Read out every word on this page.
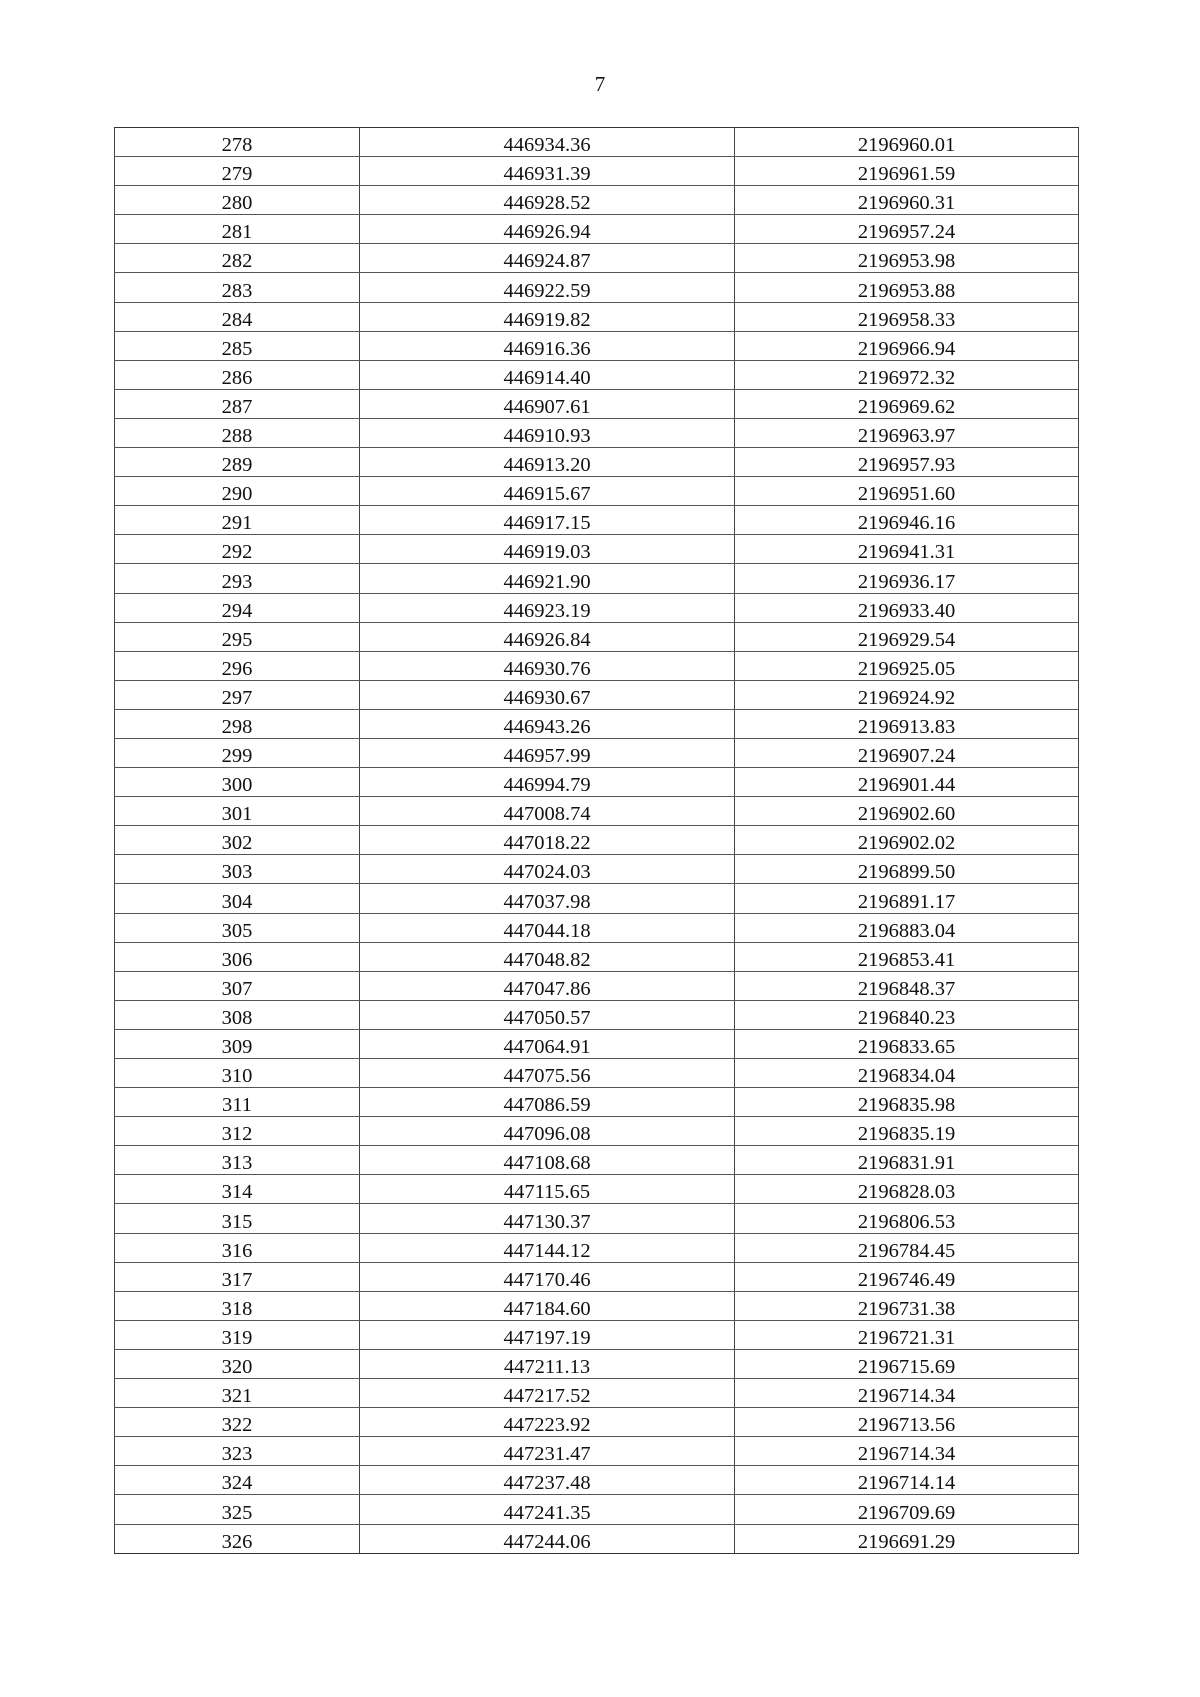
7
278	446934.36	2196960.01
279	446931.39	2196961.59
280	446928.52	2196960.31
281	446926.94	2196957.24
282	446924.87	2196953.98
283	446922.59	2196953.88
284	446919.82	2196958.33
285	446916.36	2196966.94
286	446914.40	2196972.32
287	446907.61	2196969.62
288	446910.93	2196963.97
289	446913.20	2196957.93
290	446915.67	2196951.60
291	446917.15	2196946.16
292	446919.03	2196941.31
293	446921.90	2196936.17
294	446923.19	2196933.40
295	446926.84	2196929.54
296	446930.76	2196925.05
297	446930.67	2196924.92
298	446943.26	2196913.83
299	446957.99	2196907.24
300	446994.79	2196901.44
301	447008.74	2196902.60
302	447018.22	2196902.02
303	447024.03	2196899.50
304	447037.98	2196891.17
305	447044.18	2196883.04
306	447048.82	2196853.41
307	447047.86	2196848.37
308	447050.57	2196840.23
309	447064.91	2196833.65
310	447075.56	2196834.04
311	447086.59	2196835.98
312	447096.08	2196835.19
313	447108.68	2196831.91
314	447115.65	2196828.03
315	447130.37	2196806.53
316	447144.12	2196784.45
317	447170.46	2196746.49
318	447184.60	2196731.38
319	447197.19	2196721.31
320	447211.13	2196715.69
321	447217.52	2196714.34
322	447223.92	2196713.56
323	447231.47	2196714.34
324	447237.48	2196714.14
325	447241.35	2196709.69
326	447244.06	2196691.29
